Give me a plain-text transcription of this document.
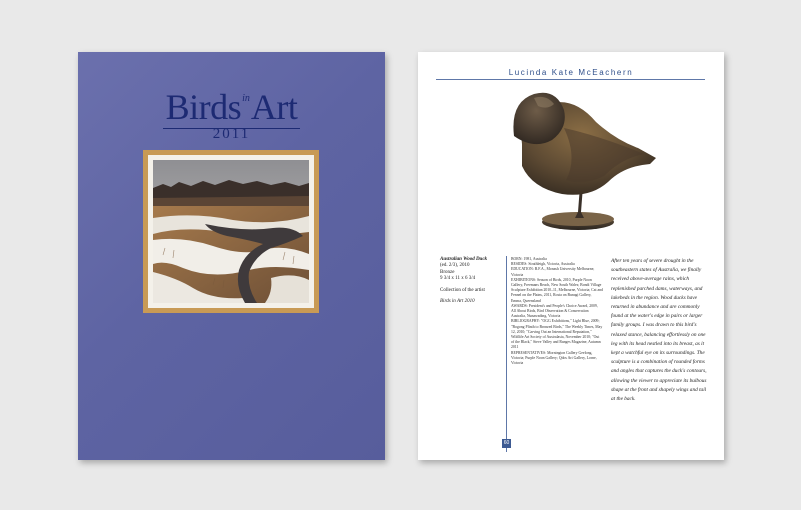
Birds$^{in}$Art
2011
Lucinda Kate McEachern
Australian Wood Duck
(ed. 2/3), 2010
Bronze
9 3/4 x 11 x 6 3/4
Collection of the artist
Birds in Art 2010

BORN: 1981, Australia

RESIDES: Strathleigh, Victoria, Australia

EDUCATION: B.F.A., Monash University Melbourne, Victoria

EXHIBITIONS: Season of Birds, 2010, Purple Noon Gallery, Freemans Reach, New South Wales; Bondi Village Sculpture Exhibition 2010–11, Melbourne, Victoria; Cat and Fennel on the Plains, 2011, Rosta on Bunagi Gallery, Emma, Queensland

AWARDS: President's and People's Choice Award, 2009, All About Birds, Bird Observation & Conservation Australia, Nunawading, Victoria

BIBLIOGRAPHY: "OGG Exhibitions," Light Blue, 2009; "Bogong Plinth to Bronzed Birds," The Weekly Times, May 12, 2010; "Carving Out an International Reputation," Wildlife Art Society of Australasia, November 2010; "Out of the Black," Steve Valley and Ranges Magazine, Autumn 2011

REPRESENTATIVES: Mornington Gallery Geelong, Victoria; Purple Noon Gallery; Qdos Art Gallery, Lorne, Victoria

After ten years of severe drought in the southeastern states of Australia, we finally received above-average rains, which replenished parched dams, waterways, and lakebeds in the region. Wood ducks have returned in abundance and are commonly found at the water's edge in pairs or larger family groups. I was drawn to this bird's relaxed stance, balancing effortlessly on one leg with its head nestled into its breast, as it kept a watchful eye on its surroundings. The sculpture is a combination of rounded forms and angles that captures the duck's contours, allowing the viewer to appreciate its bulbous shape at the front and shapely wings and tail at the back.
60
